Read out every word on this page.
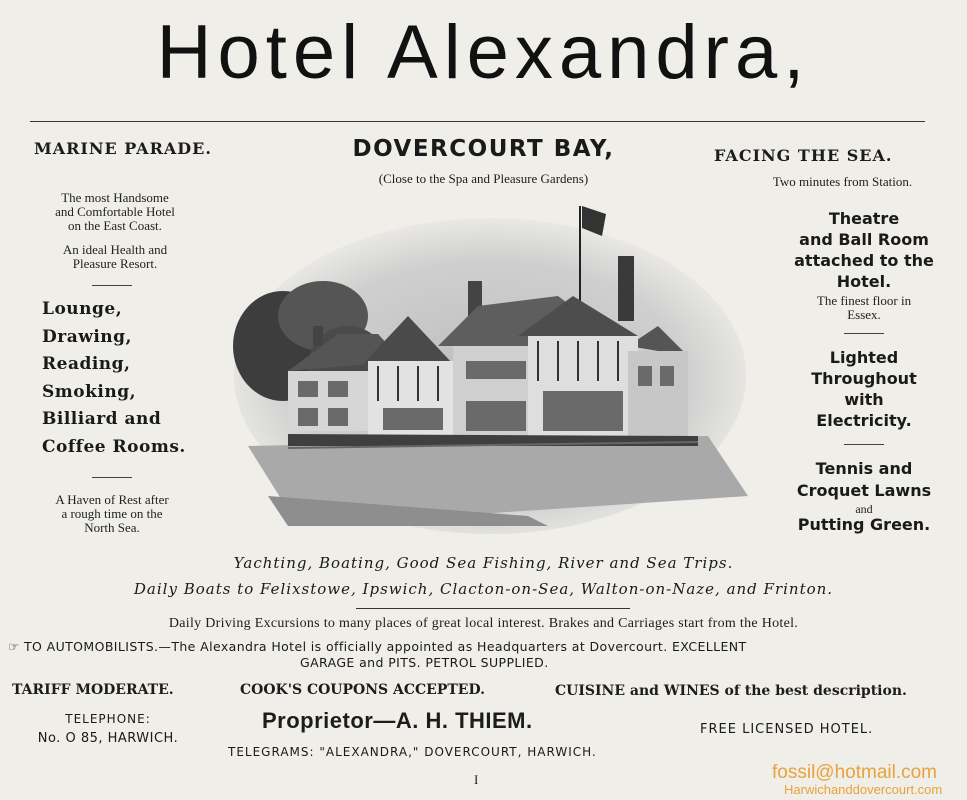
Hotel Alexandra,
MARINE PARADE.
The most Handsome
and Comfortable Hotel
on the East Coast.
An ideal Health and
Pleasure Resort.
Lounge,
Drawing,
Reading,
Smoking,
Billiard and
Coffee Rooms.
A Haven of Rest after
a rough time on the
North Sea.
DOVERCOURT BAY,
(Close to the Spa and Pleasure Gardens)
FACING THE SEA.
Two minutes from Station.
Theatre
and Ball Room
attached to the
Hotel.
The finest floor in
Essex.
Lighted
Throughout
with
Electricity.
Tennis and
Croquet Lawns
and
Putting Green.
Yachting, Boating, Good Sea Fishing, River and Sea Trips.
Daily Boats to Felixstowe, Ipswich, Clacton-on-Sea, Walton-on-Naze, and Frinton.
Daily Driving Excursions to many places of great local interest. Brakes and Carriages start from the Hotel.
☞ TO AUTOMOBILISTS.—The Alexandra Hotel is officially appointed as Headquarters at Dovercourt. EXCELLENT
GARAGE and PITS. PETROL SUPPLIED.
TARIFF MODERATE.	COOK'S COUPONS ACCEPTED.	CUISINE and WINES of the best description.
TELEPHONE:
No. O 85, HARWICH.
Proprietor—A. H. THIEM.	FREE LICENSED HOTEL.
TELEGRAMS: "ALEXANDRA," DOVERCOURT, HARWICH.
I	fossil@hotmail.com
Harwichanddovercourt.com
